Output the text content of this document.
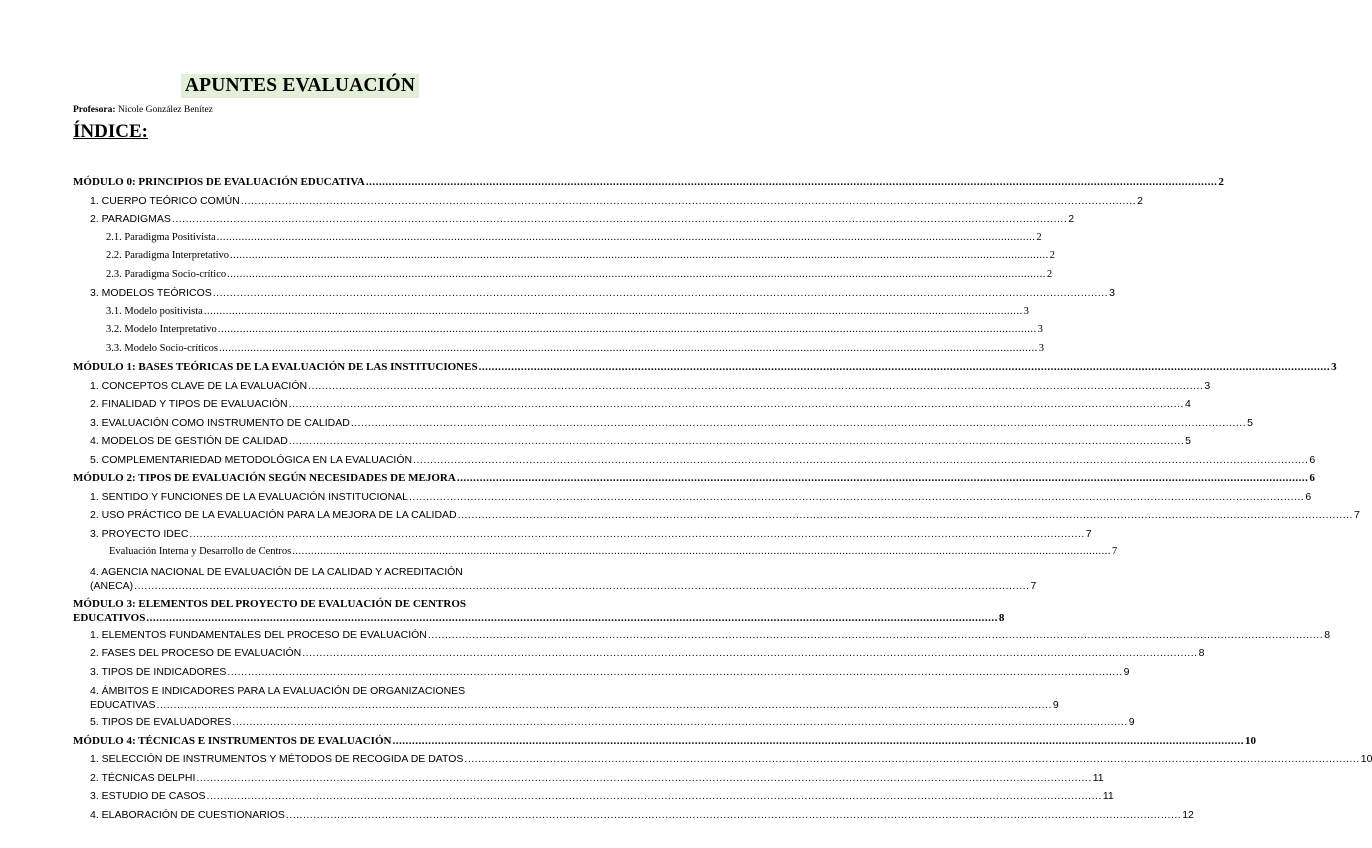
APUNTES EVALUACIÓN
Profesora: Nicole González Benítez
ÍNDICE:
MÓDULO 0: PRINCIPIOS DE EVALUACIÓN EDUCATIVA .....	2
1. CUERPO TEÓRICO COMÚN .....	2
2. PARADIGMAS .....	2
2.1. Paradigma Positivista .....	2
2.2. Paradigma Interpretativo .....	2
2.3. Paradigma Socio-crítico .....	2
3. MODELOS TEÓRICOS .....	3
3.1. Modelo positivista .....	3
3.2. Modelo Interpretativo .....	3
3.3. Modelo Socio-críticos .....	3
MÓDULO 1: BASES TEÓRICAS DE LA EVALUACIÓN DE LAS INSTITUCIONES .....	3
1. CONCEPTOS CLAVE DE LA EVALUACIÓN .....	3
2. FINALIDAD Y TIPOS DE EVALUACIÓN .....	4
3. EVALUACIÓN COMO INSTRUMENTO DE CALIDAD .....	5
4. MODELOS DE GESTIÓN DE CALIDAD .....	5
5. COMPLEMENTARIEDAD METODOLÓGICA EN LA EVALUACIÓN .....	6
MÓDULO 2: TIPOS DE EVALUACIÓN SEGÚN NECESIDADES DE MEJORA .....	6
1. SENTIDO Y FUNCIONES DE LA EVALUACIÓN INSTITUCIONAL .....	6
2. USO PRÁCTICO DE LA EVALUACIÓN PARA LA MEJORA DE LA CALIDAD .....	7
3. PROYECTO IDEC .....	7
Evaluación Interna y Desarrollo de Centros .....	7
4. AGENCIA NACIONAL DE EVALUACIÓN DE LA CALIDAD Y ACREDITACIÓN
(ANECA) .....	7
MÓDULO 3: ELEMENTOS DEL PROYECTO DE EVALUACIÓN DE CENTROS
EDUCATIVOS .....	8
1. ELEMENTOS FUNDAMENTALES DEL PROCESO DE EVALUACIÓN .....	8
2. FASES DEL PROCESO DE EVALUACIÓN .....	8
3. TIPOS DE INDICADORES .....	9
4. ÁMBITOS E INDICADORES PARA LA EVALUACIÓN DE ORGANIZACIONES
EDUCATIVAS .....	9
5. TIPOS DE EVALUADORES .....	9
MÓDULO 4: TÉCNICAS E INSTRUMENTOS DE EVALUACIÓN .....	10
1. SELECCIÓN DE INSTRUMENTOS Y MÉTODOS DE RECOGIDA DE DATOS .....	10
2. TÉCNICAS DELPHI .....	11
3. ESTUDIO DE CASOS .....	11
4. ELABORACIÓN DE CUESTIONARIOS .....	12
